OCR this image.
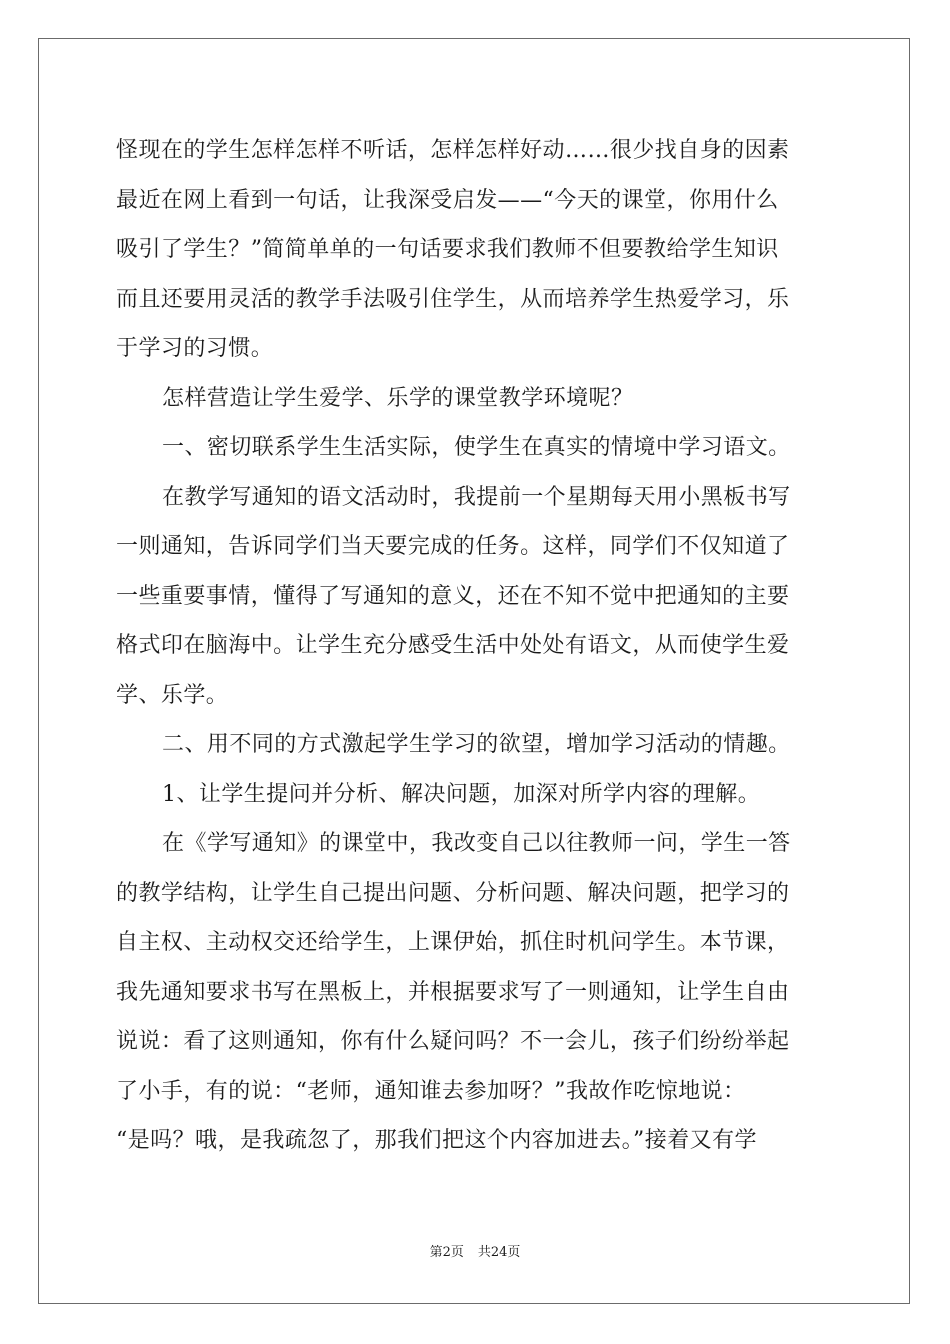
怪现在的学生怎样怎样不听话，怎样怎样好动……很少找自身的因素
最近在网上看到一句话，让我深受启发——“今天的课堂，你用什么
吸引了学生？”简简单单的一句话要求我们教师不但要教给学生知识
而且还要用灵活的教学手法吸引住学生，从而培养学生热爱学习，乐
于学习的习惯。
怎样营造让学生爱学、乐学的课堂教学环境呢？
一、密切联系学生生活实际，使学生在真实的情境中学习语文。
在教学写通知的语文活动时，我提前一个星期每天用小黑板书写
一则通知，告诉同学们当天要完成的任务。这样，同学们不仅知道了
一些重要事情，懂得了写通知的意义，还在不知不觉中把通知的主要
格式印在脑海中。让学生充分感受生活中处处有语文，从而使学生爱
学、乐学。
二、用不同的方式激起学生学习的欲望，增加学习活动的情趣。
1、让学生提问并分析、解决问题，加深对所学内容的理解。
在《学写通知》的课堂中，我改变自己以往教师一问，学生一答
的教学结构，让学生自己提出问题、分析问题、解决问题，把学习的
自主权、主动权交还给学生，上课伊始，抓住时机问学生。本节课，
我先通知要求书写在黑板上，并根据要求写了一则通知，让学生自由
说说：看了这则通知，你有什么疑问吗？不一会儿，孩子们纷纷举起
了小手，有的说：“老师，通知谁去参加呀？”我故作吃惊地说：
“是吗？哦，是我疏忽了，那我们把这个内容加进去。”接着又有学
第2页 共24页
